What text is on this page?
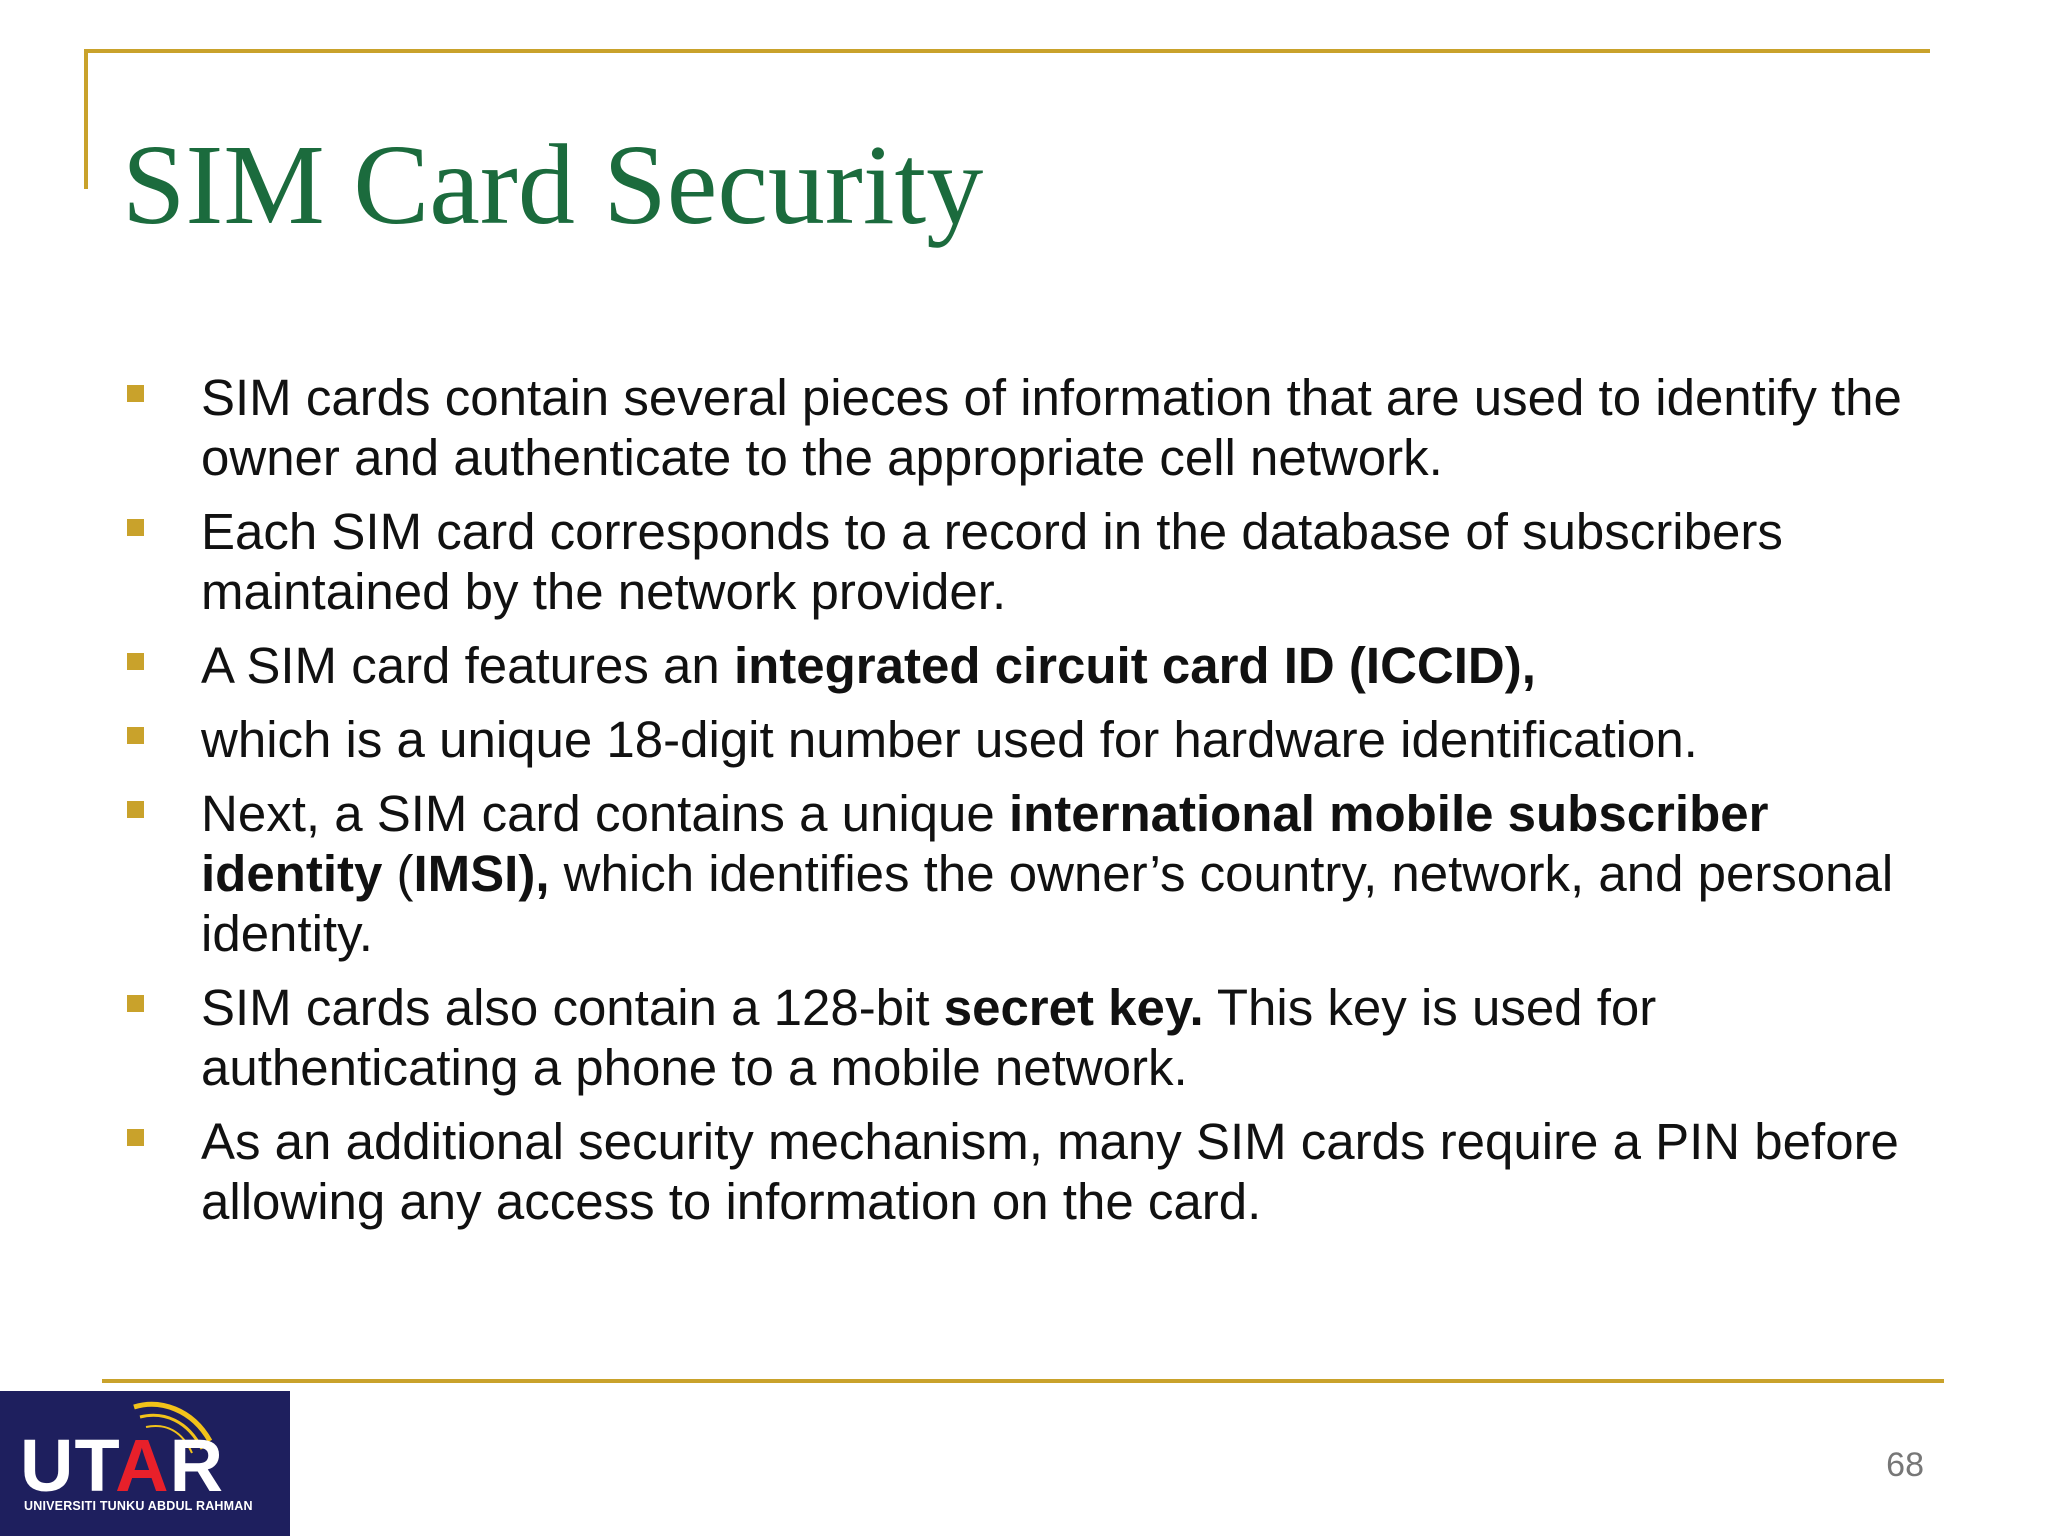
SIM Card Security
SIM cards contain several pieces of information that are used to identify the owner and authenticate to the appropriate cell network.
Each SIM card corresponds to a record in the database of subscribers maintained by the network provider.
A SIM card features an integrated circuit card ID (ICCID),
which is a unique 18-digit number used for hardware identification.
Next, a SIM card contains a unique international mobile subscriber identity (IMSI), which identifies the owner’s country, network, and personal identity.
SIM cards also contain a 128-bit secret key. This key is used for authenticating a phone to a mobile network.
As an additional security mechanism, many SIM cards require a PIN before allowing any access to information on the card.
UTAR
UNIVERSITI TUNKU ABDUL RAHMAN
68
